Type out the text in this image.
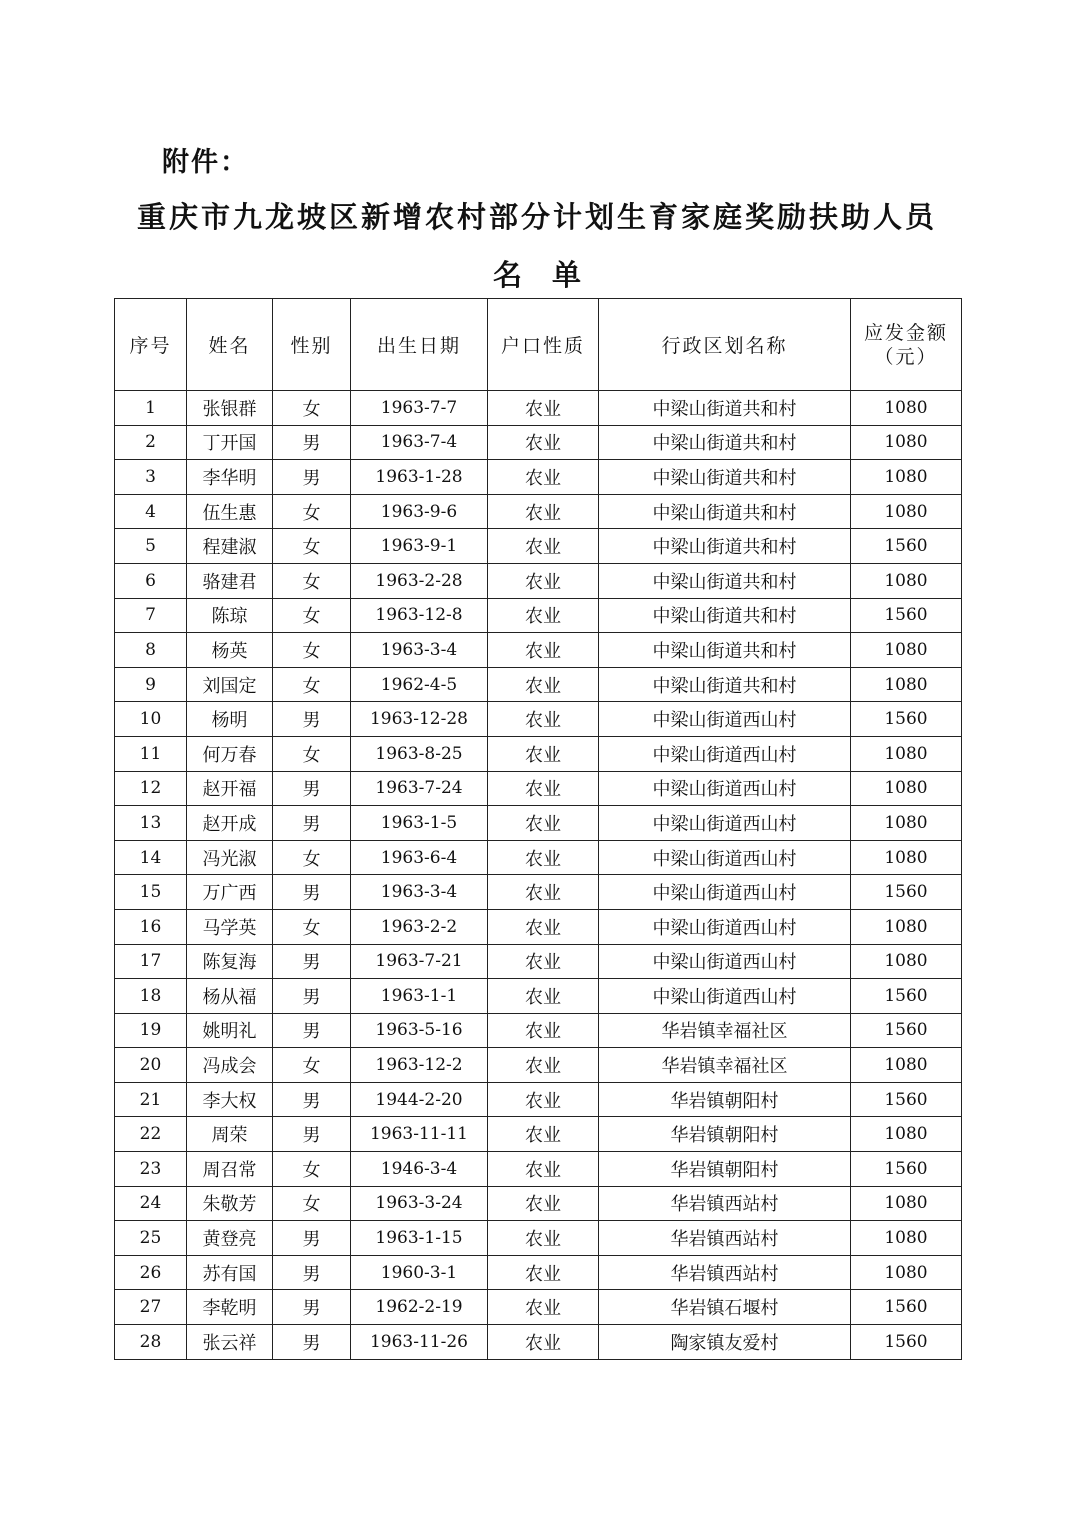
附件：
重庆市九龙坡区新增农村部分计划生育家庭奖励扶助人员
名单
序号	姓名	性别	出生日期	户口性质	行政区划名称	应发金额
（元）

1	张银群	女	1963-7-7	农业	中梁山街道共和村	1080
2	丁开国	男	1963-7-4	农业	中梁山街道共和村	1080
3	李华明	男	1963-1-28	农业	中梁山街道共和村	1080
4	伍生惠	女	1963-9-6	农业	中梁山街道共和村	1080
5	程建淑	女	1963-9-1	农业	中梁山街道共和村	1560
6	骆建君	女	1963-2-28	农业	中梁山街道共和村	1080
7	陈琼	女	1963-12-8	农业	中梁山街道共和村	1560
8	杨英	女	1963-3-4	农业	中梁山街道共和村	1080
9	刘国定	女	1962-4-5	农业	中梁山街道共和村	1080
10	杨明	男	1963-12-28	农业	中梁山街道西山村	1560
11	何万春	女	1963-8-25	农业	中梁山街道西山村	1080
12	赵开福	男	1963-7-24	农业	中梁山街道西山村	1080
13	赵开成	男	1963-1-5	农业	中梁山街道西山村	1080
14	冯光淑	女	1963-6-4	农业	中梁山街道西山村	1080
15	万广西	男	1963-3-4	农业	中梁山街道西山村	1560
16	马学英	女	1963-2-2	农业	中梁山街道西山村	1080
17	陈复海	男	1963-7-21	农业	中梁山街道西山村	1080
18	杨从福	男	1963-1-1	农业	中梁山街道西山村	1560
19	姚明礼	男	1963-5-16	农业	华岩镇幸福社区	1560
20	冯成会	女	1963-12-2	农业	华岩镇幸福社区	1080
21	李大权	男	1944-2-20	农业	华岩镇朝阳村	1560
22	周荣	男	1963-11-11	农业	华岩镇朝阳村	1080
23	周召常	女	1946-3-4	农业	华岩镇朝阳村	1560
24	朱敬芳	女	1963-3-24	农业	华岩镇西站村	1080
25	黄登亮	男	1963-1-15	农业	华岩镇西站村	1080
26	苏有国	男	1960-3-1	农业	华岩镇西站村	1080
27	李乾明	男	1962-2-19	农业	华岩镇石堰村	1560
28	张云祥	男	1963-11-26	农业	陶家镇友爱村	1560
